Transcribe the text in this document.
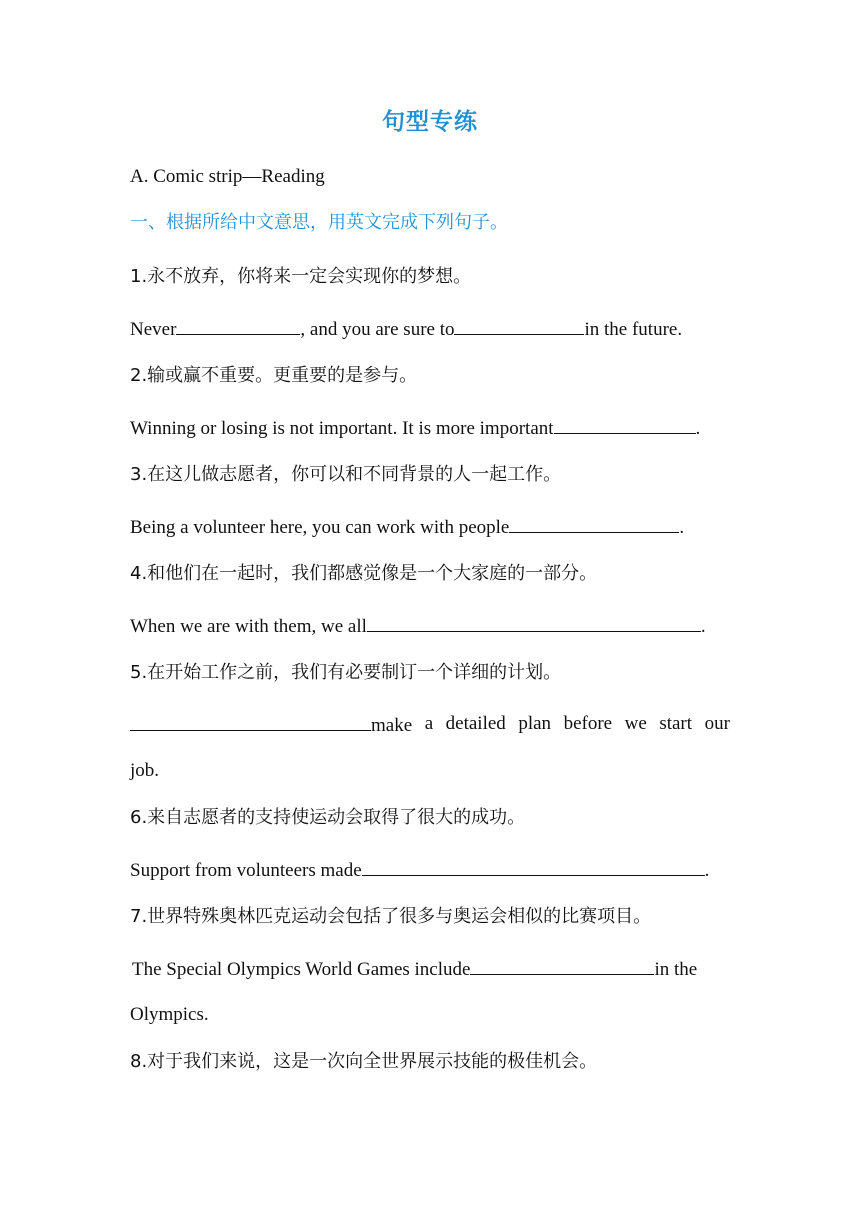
句型专练
A. Comic strip—Reading
一、根据所给中文意思，用英文完成下列句子。
1.永不放弃，你将来一定会实现你的梦想。
Never	, and you are sure to	in the future.
2.输或赢不重要。更重要的是参与。
Winning or losing is not important. It is more important	.
3.在这儿做志愿者，你可以和不同背景的人一起工作。
Being a volunteer here, you can work with people	.
4.和他们在一起时，我们都感觉像是一个大家庭的一部分。
When we are with them, we all	.
5.在开始工作之前，我们有必要制订一个详细的计划。
make a detailed plan before we start our
job.
6.来自志愿者的支持使运动会取得了很大的成功。
Support from volunteers made	.
7.世界特殊奥林匹克运动会包括了很多与奥运会相似的比赛项目。
The Special Olympics World Games include	in the
Olympics.
8.对于我们来说，这是一次向全世界展示技能的极佳机会。
